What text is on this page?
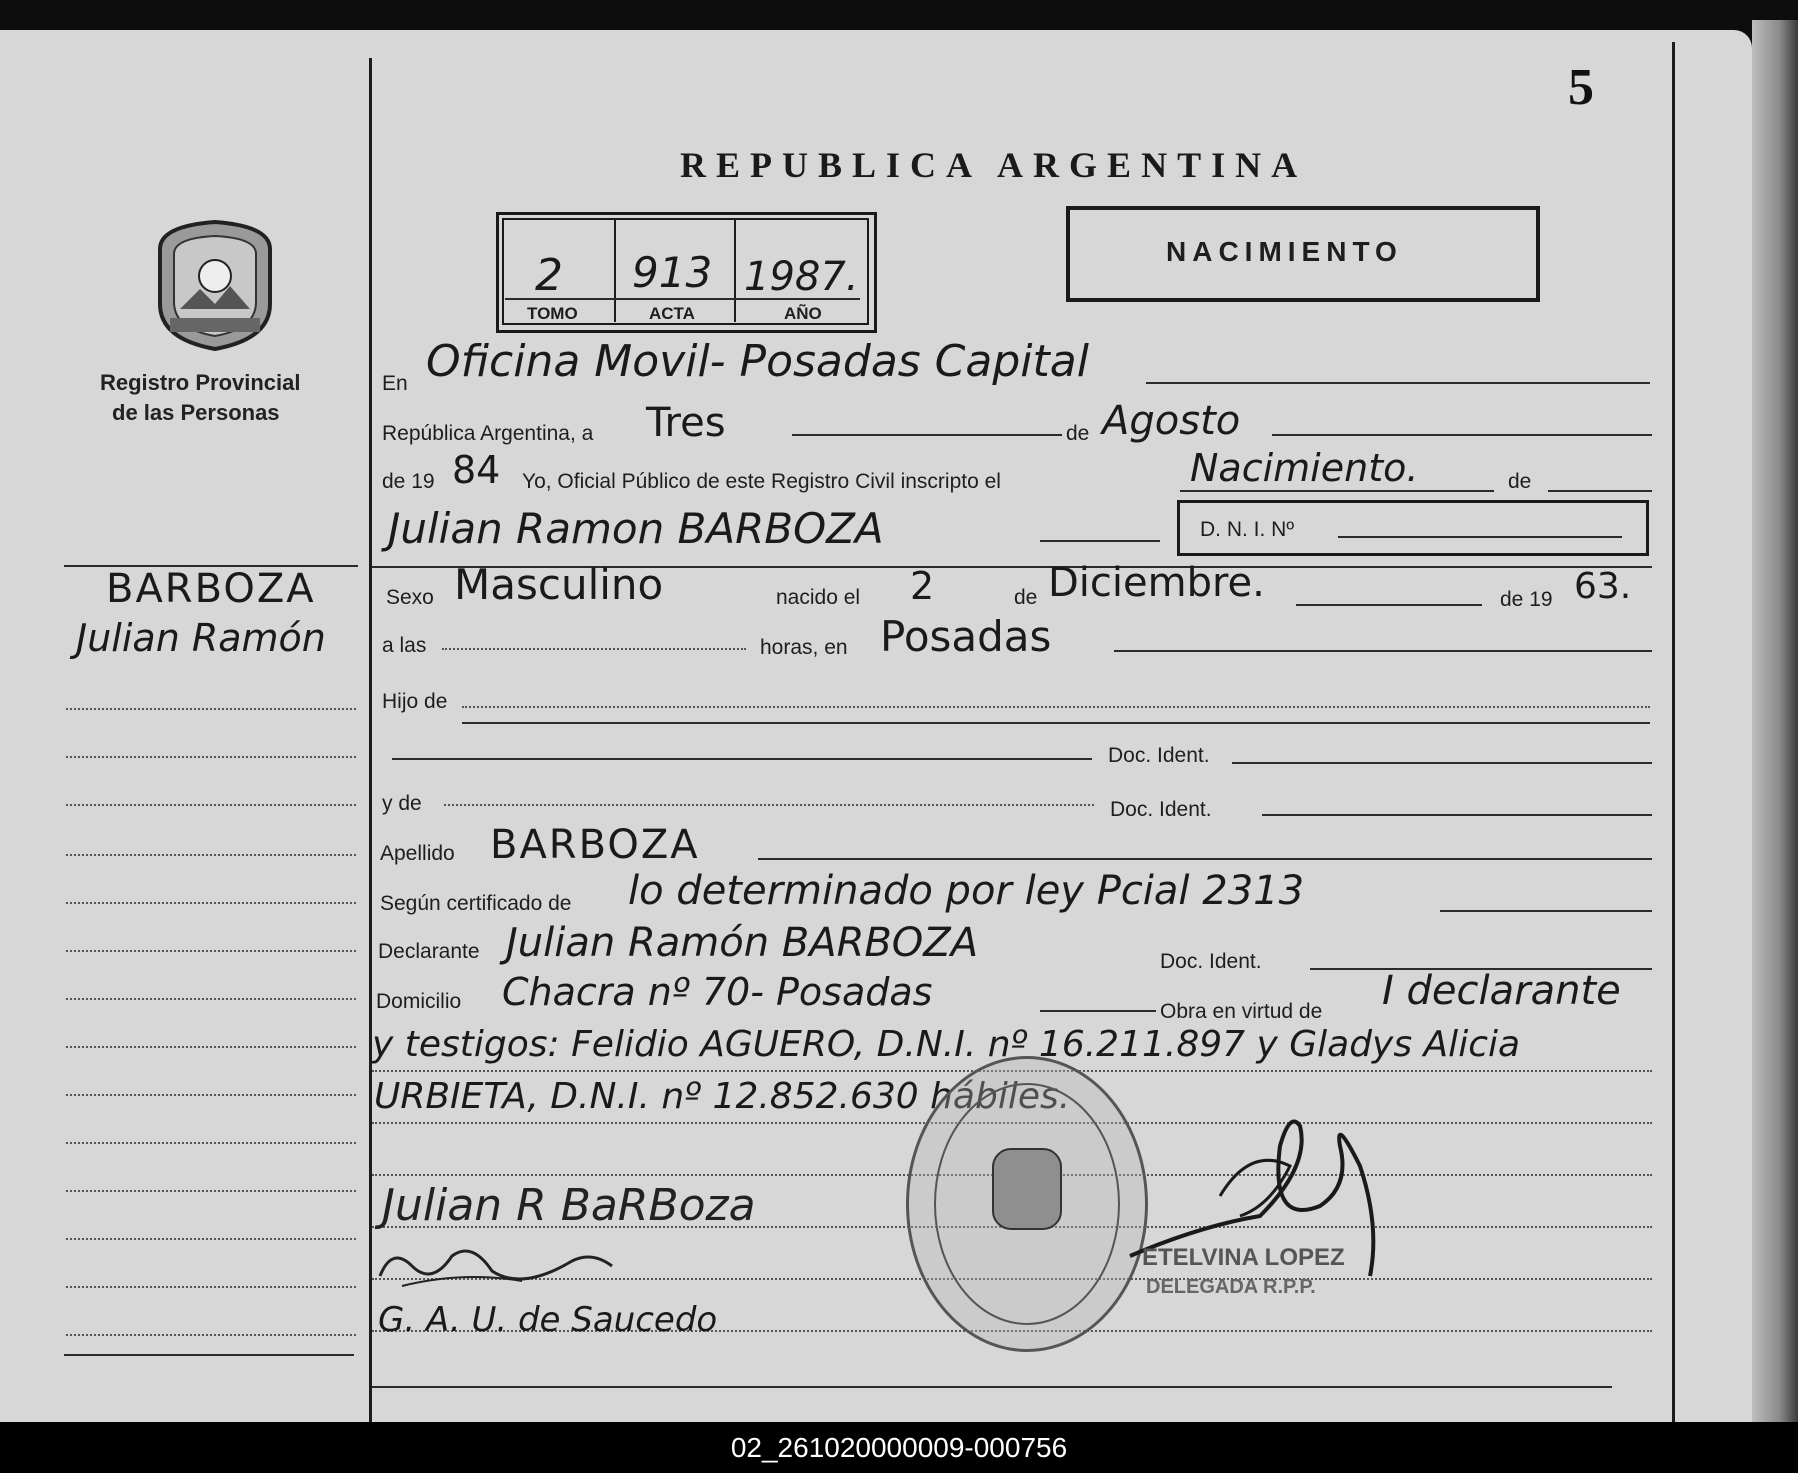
5
REPUBLICA ARGENTINA
2 913 1987.
TOMO	ACTA	AÑO
NACIMIENTO
Registro Provincial
de las Personas
BARBOZA
Julian Ramón
En Oficina Movil- Posadas Capital
República Argentina, a Tres	de Agosto
de 19 84 Yo, Oficial Público de este Registro Civil inscripto el	Nacimiento.	de
Julian Ramon BARBOZA	D. N. I. Nº
Sexo Masculino	nacido el 2	de Diciembre.	de 19 63.
a las	horas, en Posadas
Hijo de
Doc. Ident.
y de	Doc. Ident.
Apellido BARBOZA
Según certificado de lo determinado por ley Pcial 2313
Declarante Julian Ramón BARBOZA	Doc. Ident.
Domicilio Chacra nº 70- Posadas	Obra en virtud de I declarante
y testigos: Felidio AGUERO, D.N.I. nº 16.211.897 y Gladys Alicia
URBIETA, D.N.I. nº 12.852.630 hábiles.
Julian R BaRBoza
G. A. U. de Saucedo
ETELVINA LOPEZ
DELEGADA R.P.P.
02_261020000009-000756
